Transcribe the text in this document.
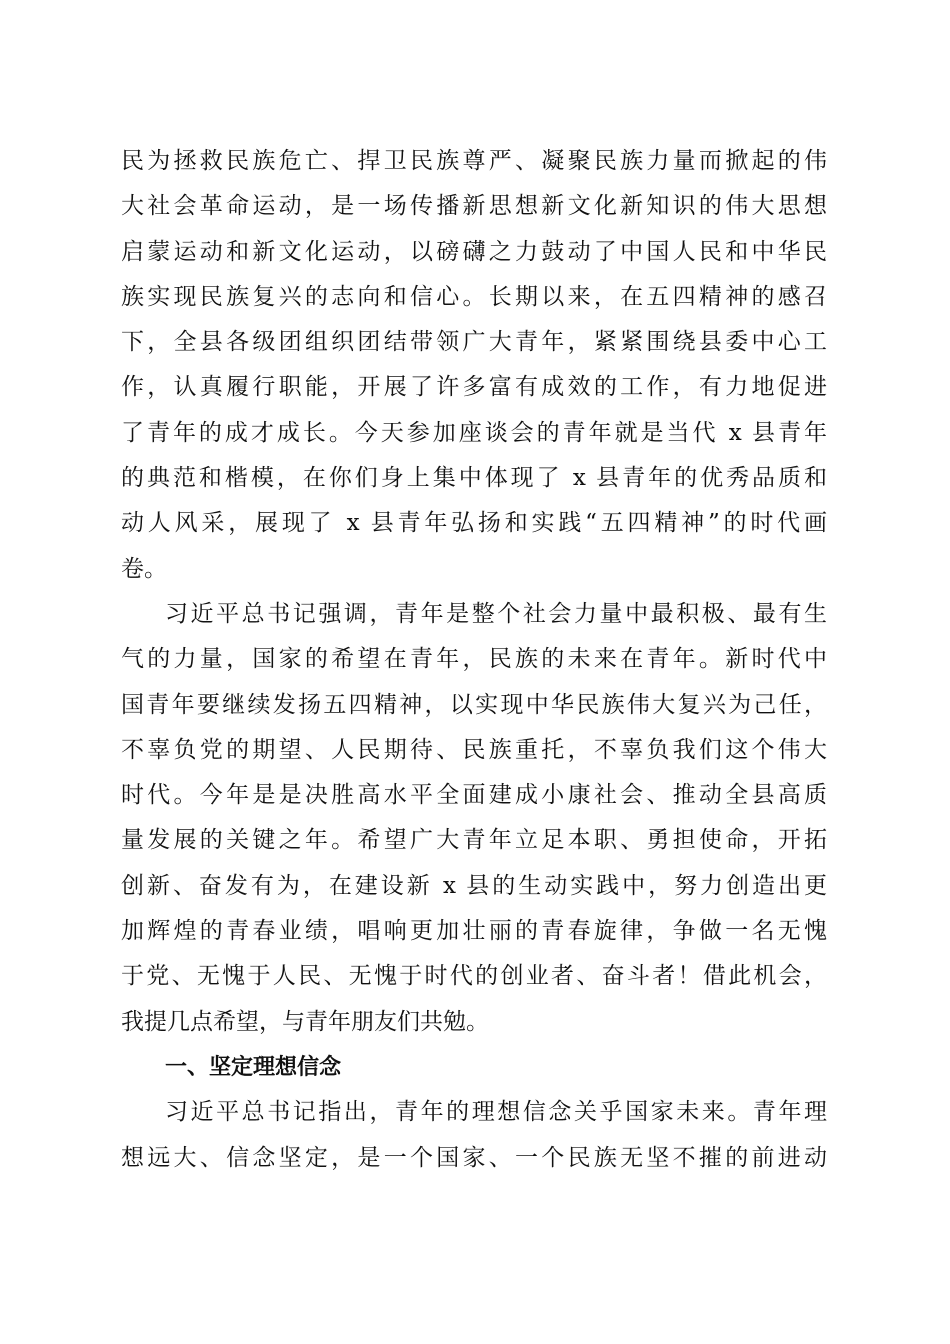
民为拯救民族危亡、捍卫民族尊严、凝聚民族力量而掀起的伟
大社会革命运动，是一场传播新思想新文化新知识的伟大思想
启蒙运动和新文化运动，以磅礴之力鼓动了中国人民和中华民
族实现民族复兴的志向和信心。长期以来，在五四精神的感召
下，全县各级团组织团结带领广大青年，紧紧围绕县委中心工
作，认真履行职能，开展了许多富有成效的工作，有力地促进
了青年的成才成长。今天参加座谈会的青年就是当代 x 县青年
的典范和楷模，在你们身上集中体现了 x 县青年的优秀品质和
动人风采，展现了 x 县青年弘扬和实践“五四精神”的时代画
卷。
习近平总书记强调，青年是整个社会力量中最积极、最有生
气的力量，国家的希望在青年，民族的未来在青年。新时代中
国青年要继续发扬五四精神，以实现中华民族伟大复兴为己任，
不辜负党的期望、人民期待、民族重托，不辜负我们这个伟大
时代。今年是是决胜高水平全面建成小康社会、推动全县高质
量发展的关键之年。希望广大青年立足本职、勇担使命，开拓
创新、奋发有为，在建设新 x 县的生动实践中，努力创造出更
加辉煌的青春业绩，唱响更加壮丽的青春旋律，争做一名无愧
于党、无愧于人民、无愧于时代的创业者、奋斗者！借此机会，
我提几点希望，与青年朋友们共勉。
一、坚定理想信念
习近平总书记指出，青年的理想信念关乎国家未来。青年理
想远大、信念坚定，是一个国家、一个民族无坚不摧的前进动
